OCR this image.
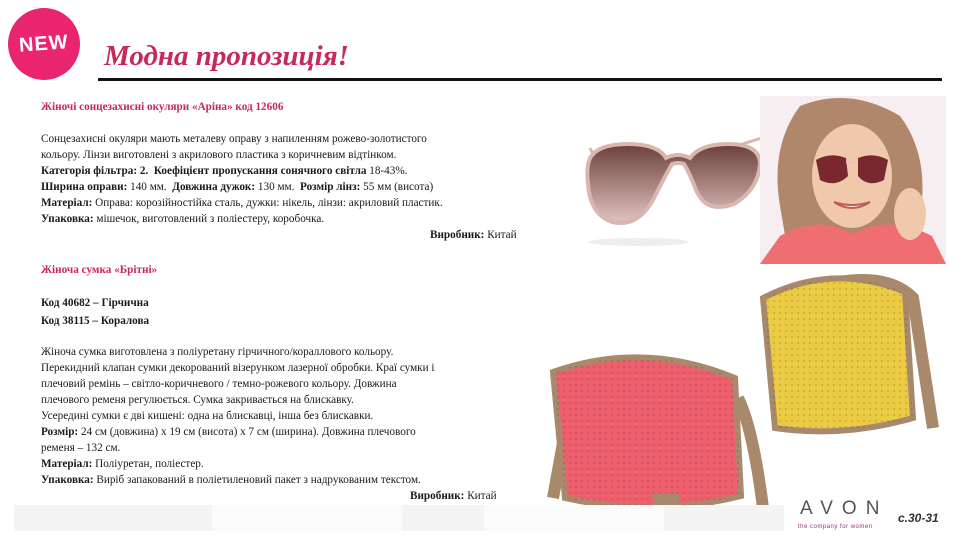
NEW Модна пропозиція!
Жіночі сонцезахисні окуляри «Аріна» код 12606
Сонцезахисні окуляри мають металеву оправу з напиленням рожево-золотистого
кольору. Лінзи виготовлені з акрилового пластика з коричневим відтінком.
Категорія фільтра: 2. Коефіцієнт пропускання сонячного світла 18-43%.
Ширина оправи: 140 мм. Довжина дужок: 130 мм. Розмір лінз: 55 мм (висота)
Матеріал: Оправа: корозійностійка сталь, дужки: нікель, лінзи: акриловий пластик.
Упаковка: мішечок, виготовлений з поліестеру, коробочка.
Виробник: Китай
Жіноча сумка «Брітні»
Код 40682 – Гірчична
Код 38115 – Коралова
Жіноча сумка виготовлена з поліуретану гірчичного/кораллового кольору.
Перекидний клапан сумки декорований візерунком лазерної обробки. Краї сумки і
плечовий ремінь – світло-коричневого / темно-рожевого кольору. Довжина
плечового ременя регулюється. Сумка закривається на блискавку.
Усередині сумки є дві кишені: одна на блискавці, інша без блискавки.
Розмір: 24 см (довжина) х 19 см (висота) х 7 см (ширина). Довжина плечового
ременя – 132 см.
Матеріал: Поліуретан, поліестер.
Упаковка: Виріб запакований в поліетиленовий пакет з надрукованим текстом.
Виробник: Китай
AVON
the company for women
с.30-31
